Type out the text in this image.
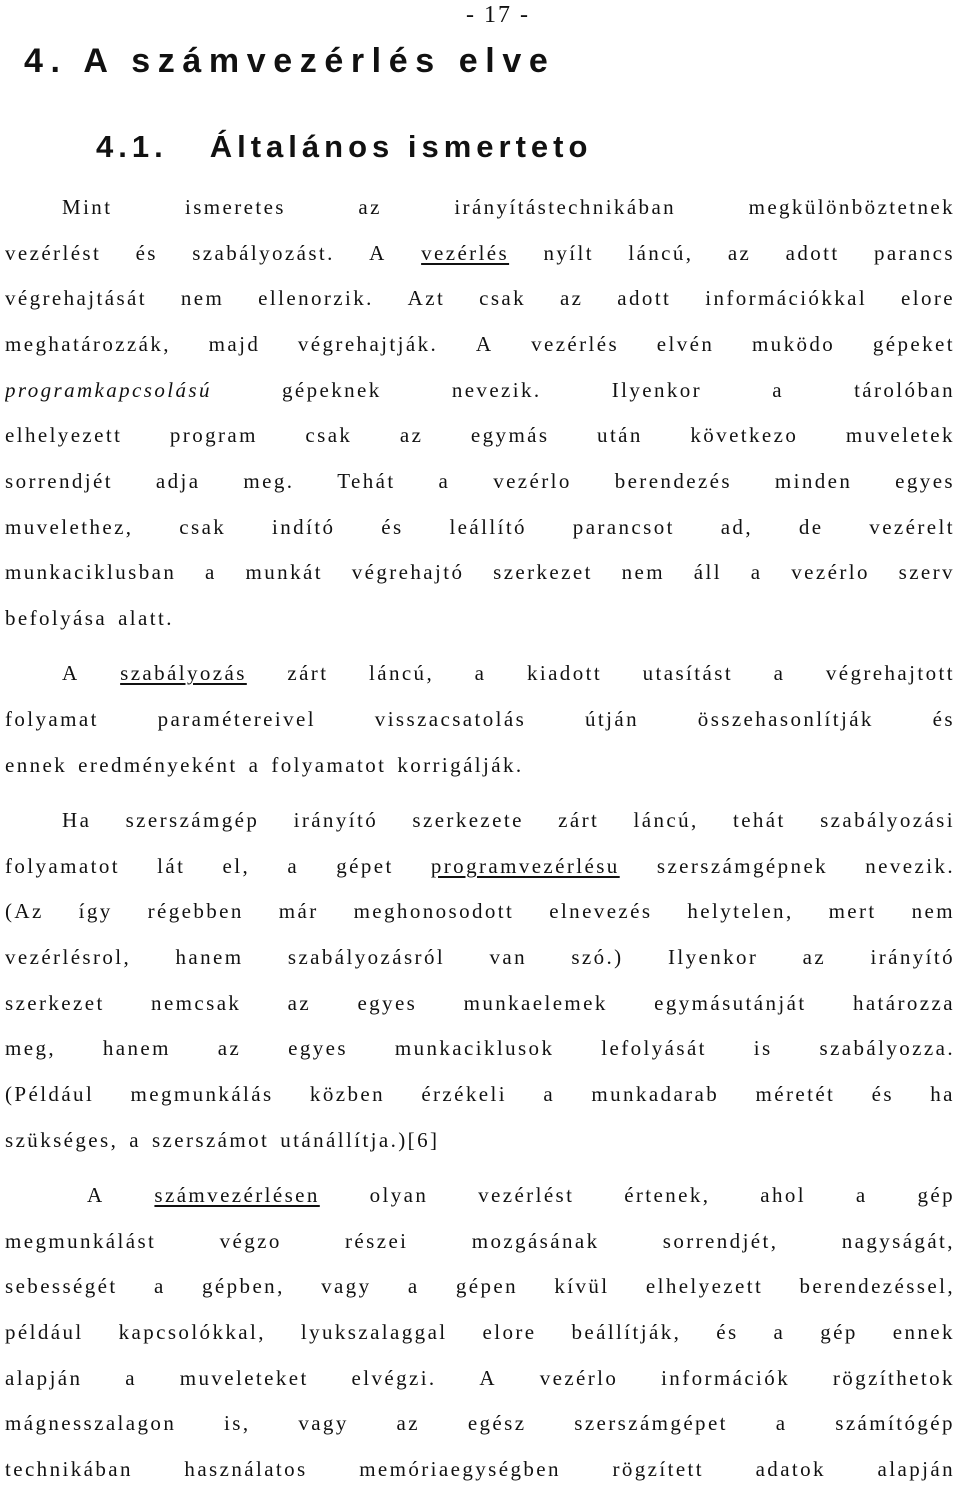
- 17 -
4. A számvezérlés elve
4.1. Általános ismerteto
Mint	ismeretes	az	irányítástechnikában	megkülönböztetnek
vezérlést és szabályozást. A vezérlés nyílt láncú, az adott parancs
végrehajtását nem ellenorzik. Azt csak az adott információkkal elore
meghatározzák, majd végrehajtják. A vezérlés elvén muködo gépeket
programkapcsolású	gépeknek	nevezik.	Ilyenkor	a	tárolóban
elhelyezett program csak az egymás után következo muveletek
sorrendjét adja meg. Tehát a vezérlo berendezés minden egyes
muvelethez, csak indító és leállító parancsot ad, de vezérelt
munkaciklusban a munkát végrehajtó szerkezet nem áll a vezérlo szerv
befolyása alatt.
A szabályozás zárt láncú, a kiadott utasítást a végrehajtott
folyamat	paramétereivel	visszacsatolás	útján	összehasonlítják	és
ennek eredményeként a folyamatot korrigálják.
Ha szerszámgép irányító szerkezete zárt láncú, tehát szabályozási
folyamatot lát el, a gépet programvezérlésu szerszámgépnek nevezik.
(Az így régebben már meghonosodott elnevezés helytelen, mert nem
vezérlésrol, hanem szabályozásról van szó.) Ilyenkor az irányító
szerkezet nemcsak az egyes munkaelemek egymásutánját határozza
meg, hanem az egyes munkaciklusok lefolyását is szabályozza.
(Például megmunkálás közben érzékeli a munkadarab méretét és ha
szükséges, a szerszámot utánállítja.)[6]
A számvezérlésen olyan vezérlést értenek, ahol a gép
megmunkálást	végzo	részei	mozgásának	sorrendjét,	nagyságát,
sebességét a gépben, vagy a gépen kívül elhelyezett berendezéssel,
például kapcsolókkal, lyukszalaggal elore beállítják, és a gép ennek
alapján a muveleteket elvégzi. A vezérlo információk rögzíthetok
mágnesszalagon is, vagy az egész szerszámgépet a számítógép
technikában használatos memóriaegységben rögzített adatok alapján
